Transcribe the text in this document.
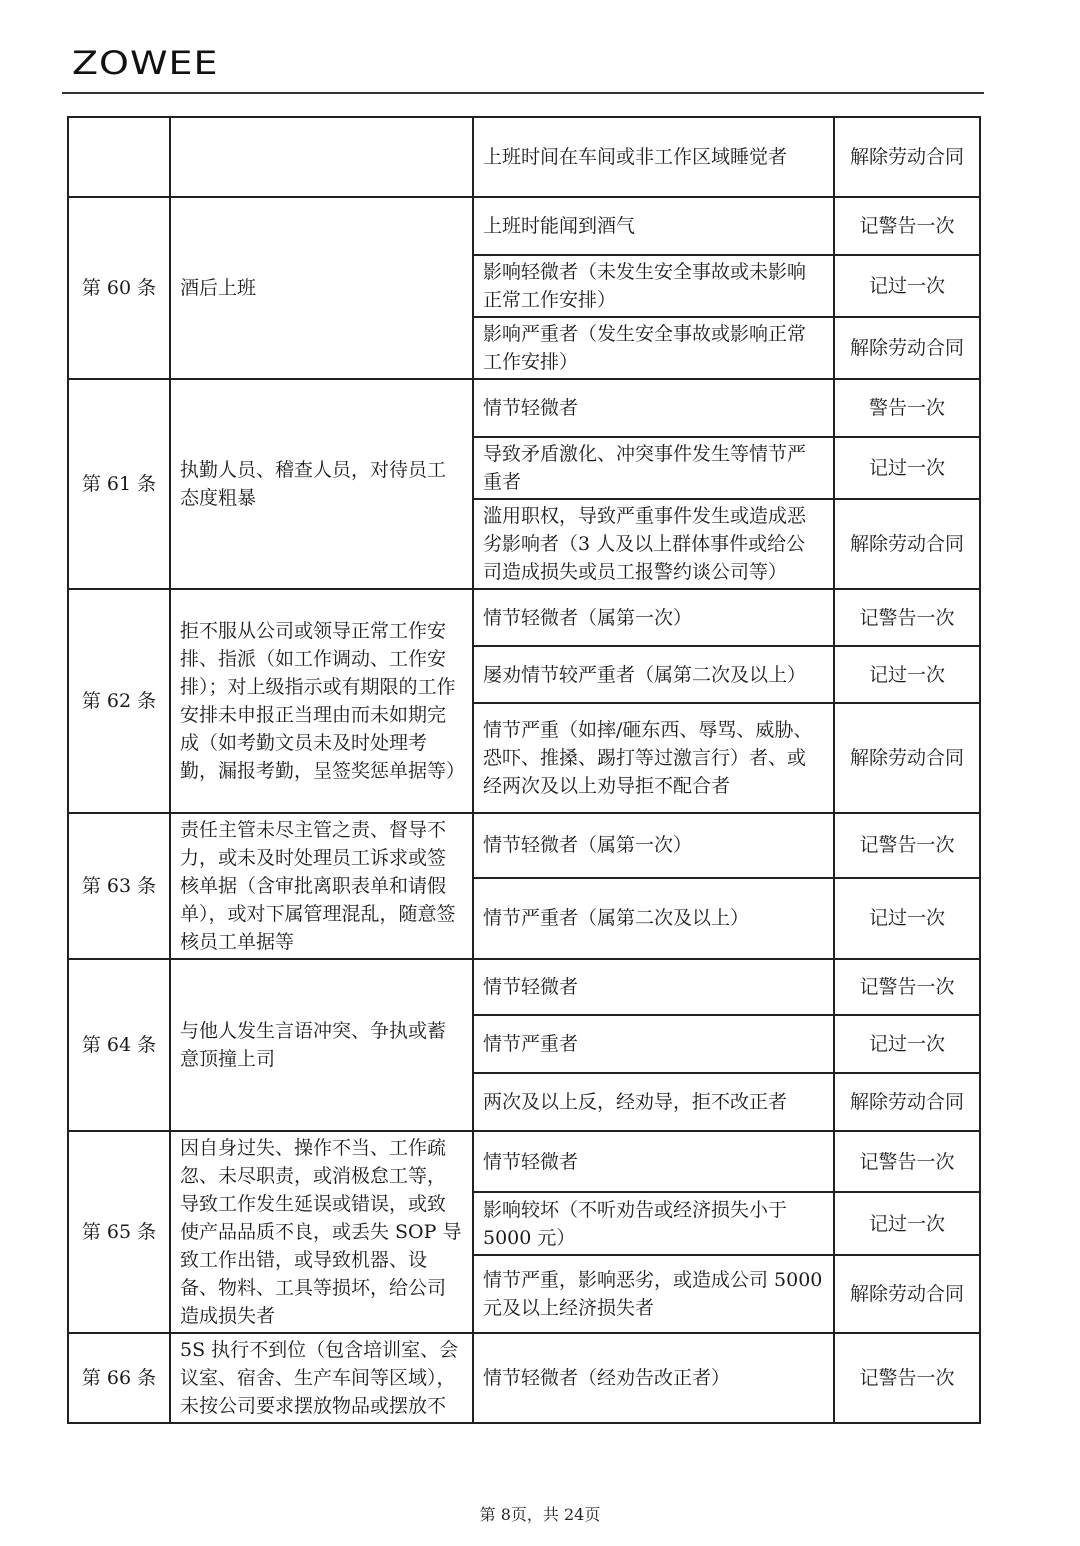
ZOWEE
		上班时间在车间或非工作区域睡觉者	解除劳动合同
第 60 条	酒后上班	上班时能闻到酒气	记警告一次
		影响轻微者（未发生安全事故或未影响正常工作安排）	记过一次
		影响严重者（发生安全事故或影响正常工作安排）	解除劳动合同
第 61 条	执勤人员、稽查人员，对待员工态度粗暴	情节轻微者	警告一次
		导致矛盾激化、冲突事件发生等情节严重者	记过一次
		滥用职权，导致严重事件发生或造成恶劣影响者（3 人及以上群体事件或给公司造成损失或员工报警约谈公司等）	解除劳动合同
第 62 条	拒不服从公司或领导正常工作安排、指派（如工作调动、工作安排）；对上级指示或有期限的工作安排未申报正当理由而未如期完成（如考勤文员未及时处理考勤，漏报考勤，呈签奖惩单据等）	情节轻微者（属第一次）	记警告一次
		屡劝情节较严重者（属第二次及以上）	记过一次
		情节严重（如摔/砸东西、辱骂、威胁、恐吓、推搡、踢打等过激言行）者、或经两次及以上劝导拒不配合者	解除劳动合同
第 63 条	责任主管未尽主管之责、督导不力，或未及时处理员工诉求或签核单据（含审批离职表单和请假单），或对下属管理混乱，随意签核员工单据等	情节轻微者（属第一次）	记警告一次
		情节严重者（属第二次及以上）	记过一次
第 64 条	与他人发生言语冲突、争执或蓄意顶撞上司	情节轻微者	记警告一次
		情节严重者	记过一次
		两次及以上反，经劝导，拒不改正者	解除劳动合同
第 65 条	因自身过失、操作不当、工作疏忽、未尽职责，或消极怠工等，导致工作发生延误或错误，或致使产品品质不良，或丢失 SOP 导致工作出错，或导致机器、设备、物料、工具等损坏，给公司造成损失者	情节轻微者	记警告一次
		影响较坏（不听劝告或经济损失小于 5000 元）	记过一次
		情节严重，影响恶劣，或造成公司 5000 元及以上经济损失者	解除劳动合同
第 66 条	5S 执行不到位（包含培训室、会议室、宿舍、生产车间等区域），未按公司要求摆放物品或摆放不	情节轻微者（经劝告改正者）	记警告一次
第 8页，共 24页
